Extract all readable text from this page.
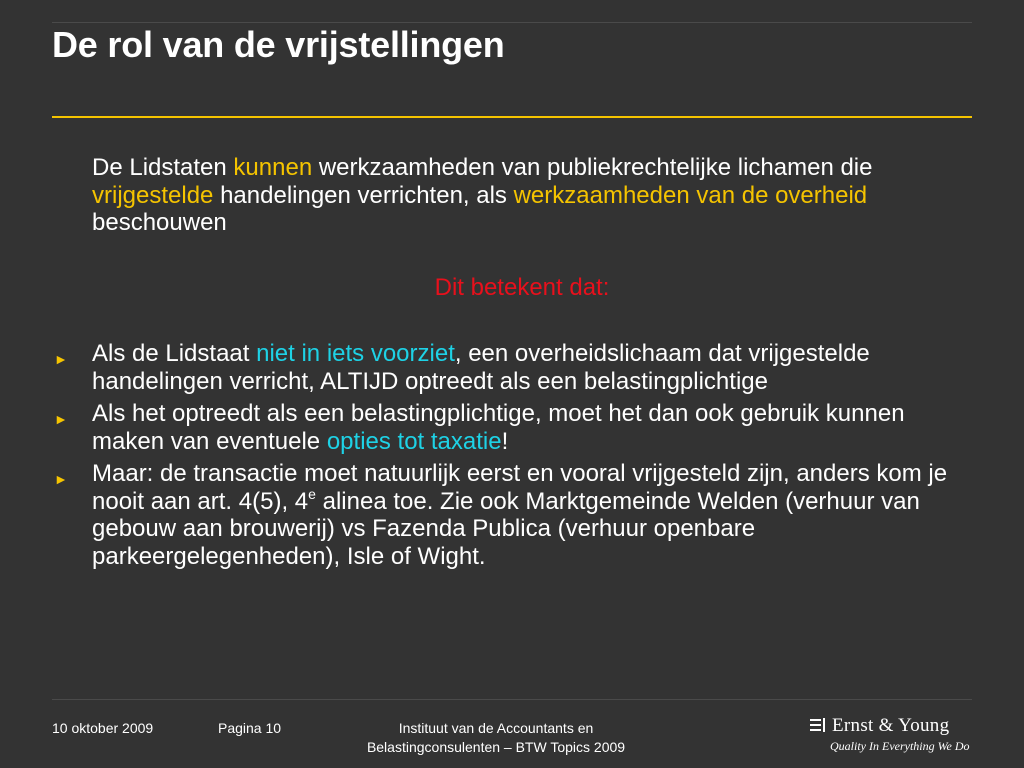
De rol van de vrijstellingen
De Lidstaten kunnen werkzaamheden van publiekrechtelijke lichamen die vrijgestelde handelingen verrichten, als werkzaamheden van de overheid beschouwen
Dit betekent dat:
► Als de Lidstaat niet in iets voorziet, een overheidslichaam dat vrijgestelde handelingen verricht, ALTIJD optreedt als een belastingplichtige
► Als het optreedt als een belastingplichtige, moet het dan ook gebruik kunnen maken van eventuele opties tot taxatie!
► Maar: de transactie moet natuurlijk eerst en vooral vrijgesteld zijn, anders kom je nooit aan art. 4(5), 4e alinea toe. Zie ook Marktgemeinde Welden (verhuur van gebouw aan brouwerij) vs Fazenda Publica (verhuur openbare parkeergelegenheden), Isle of Wight.
10 oktober 2009	Pagina 10	Instituut van de Accountants en
Belastingconsulenten – BTW Topics 2009
Ernst & Young
Quality In Everything We Do
